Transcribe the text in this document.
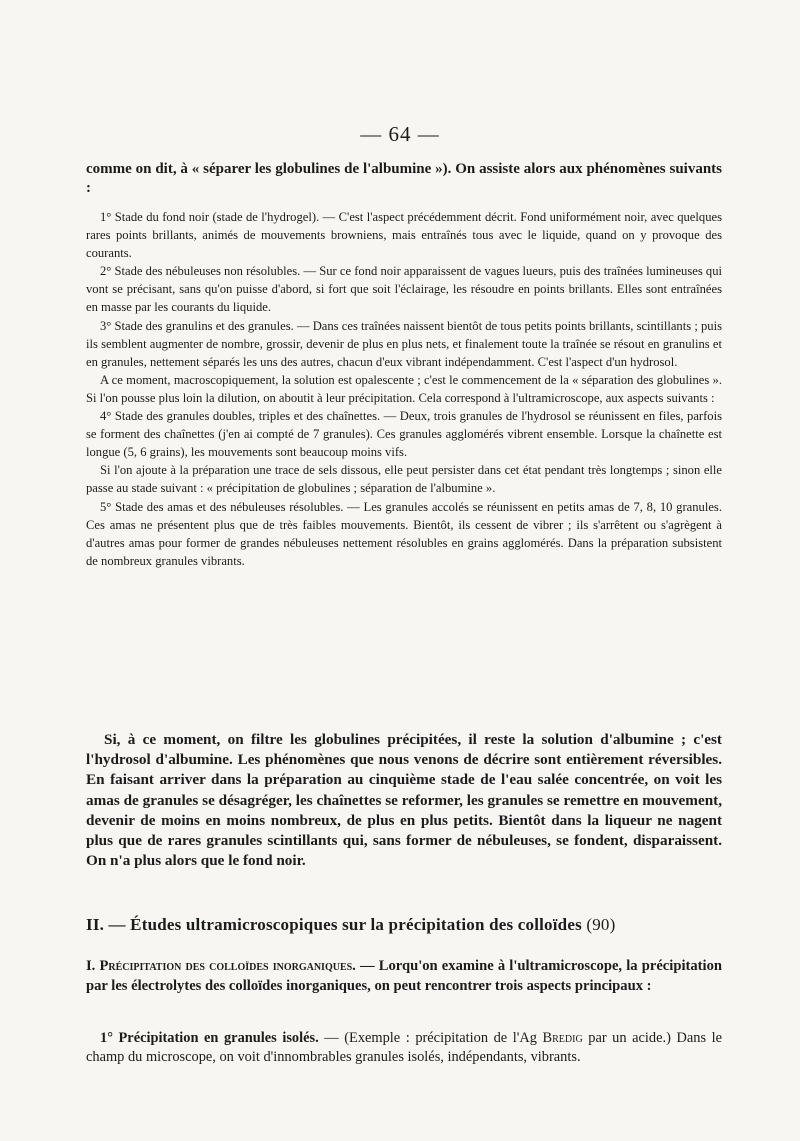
— 64 —
comme on dit, à « séparer les globulines de l'albumine »). On assiste alors aux phénomènes suivants :

1° Stade du fond noir (stade de l'hydrogel). — C'est l'aspect précédemment décrit. Fond uniformément noir, avec quelques rares points brillants, animés de mouvements browniens, mais entraînés tous avec le liquide, quand on y provoque des courants.

2° Stade des nébuleuses non résolubles. — Sur ce fond noir apparaissent de vagues lueurs, puis des traînées lumineuses qui vont se précisant, sans qu'on puisse d'abord, si fort que soit l'éclairage, les résoudre en points brillants. Elles sont entraînées en masse par les courants du liquide.

3° Stade des granulins et des granules. — Dans ces traînées naissent bientôt de tous petits points brillants, scintillants ; puis ils semblent augmenter de nombre, grossir, devenir de plus en plus nets, et finalement toute la traînée se résout en granulins et en granules, nettement séparés les uns des autres, chacun d'eux vibrant indépendamment. C'est l'aspect d'un hydrosol.

A ce moment, macroscopiquement, la solution est opalescente ; c'est le commencement de la « séparation des globulines ». Si l'on pousse plus loin la dilution, on aboutit à leur précipitation. Cela correspond à l'ultramicroscope, aux aspects suivants :

4° Stade des granules doubles, triples et des chaînettes. — Deux, trois granules de l'hydrosol se réunissent en files, parfois se forment des chaînettes (j'en ai compté de 7 granules). Ces granules agglomérés vibrent ensemble. Lorsque la chaînette est longue (5, 6 grains), les mouvements sont beaucoup moins vifs.

Si l'on ajoute à la préparation une trace de sels dissous, elle peut persister dans cet état pendant très longtemps ; sinon elle passe au stade suivant : « précipitation de globulines ; séparation de l'albumine ».

5° Stade des amas et des nébuleuses résolubles. — Les granules accolés se réunissent en petits amas de 7, 8, 10 granules. Ces amas ne présentent plus que de très faibles mouvements. Bientôt, ils cessent de vibrer ; ils s'arrêtent ou s'agrègent à d'autres amas pour former de grandes nébuleuses nettement résolubles en grains agglomérés. Dans la préparation subsistent de nombreux granules vibrants.

Si, à ce moment, on filtre les globulines précipitées, il reste la solution d'albumine ; c'est l'hydrosol d'albumine. Les phénomènes que nous venons de décrire sont entièrement réversibles. En faisant arriver dans la préparation au cinquième stade de l'eau salée concentrée, on voit les amas de granules se désagréger, les chaînettes se reformer, les granules se remettre en mouvement, devenir de moins en moins nombreux, de plus en plus petits. Bientôt dans la liqueur ne nagent plus que de rares granules scintillants qui, sans former de nébuleuses, se fondent, disparaissent. On n'a plus alors que le fond noir.

II. — Études ultramicroscopiques sur la précipitation des colloïdes (90)

I. Précipitation des colloïdes inorganiques. — Lorqu'on examine à l'ultramicroscope, la précipitation par les électrolytes des colloïdes inorganiques, on peut rencontrer trois aspects principaux :

1° Précipitation en granules isolés. — (Exemple : précipitation de l'Ag Bredig par un acide.) Dans le champ du microscope, on voit d'innombrables granules isolés, indépendants, vibrants.
